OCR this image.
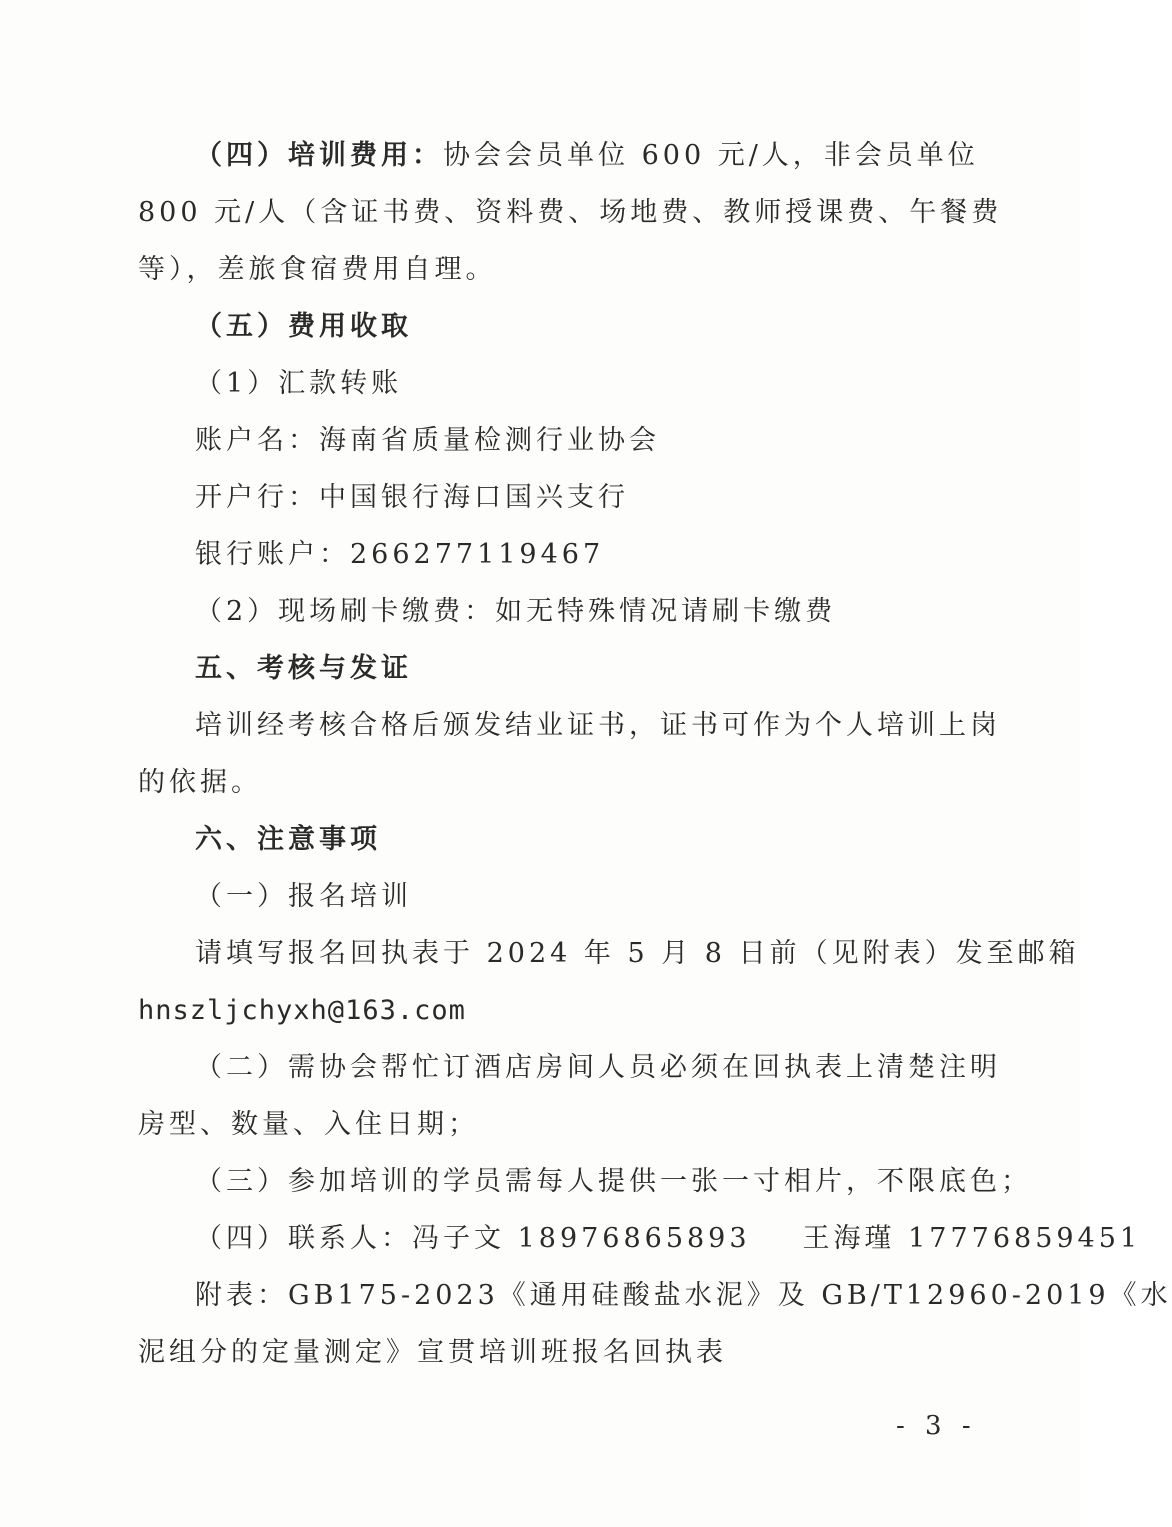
（四）培训费用：协会会员单位 600 元/人，非会员单位
800 元/人（含证书费、资料费、场地费、教师授课费、午餐费
等），差旅食宿费用自理。
（五）费用收取
（1）汇款转账
账户名：海南省质量检测行业协会
开户行：中国银行海口国兴支行
银行账户：266277119467
（2）现场刷卡缴费：如无特殊情况请刷卡缴费
五、考核与发证
培训经考核合格后颁发结业证书，证书可作为个人培训上岗
的依据。
六、注意事项
（一）报名培训
请填写报名回执表于 2024 年 5 月 8 日前（见附表）发至邮箱
hnszljchyxh@163.com
（二）需协会帮忙订酒店房间人员必须在回执表上清楚注明
房型、数量、入住日期；
（三）参加培训的学员需每人提供一张一寸相片，不限底色；
（四）联系人：冯子文 18976865893 王海瑾 17776859451
附表：GB175-2023《通用硅酸盐水泥》及 GB/T12960-2019《水
泥组分的定量测定》宣贯培训班报名回执表
- 3 -
